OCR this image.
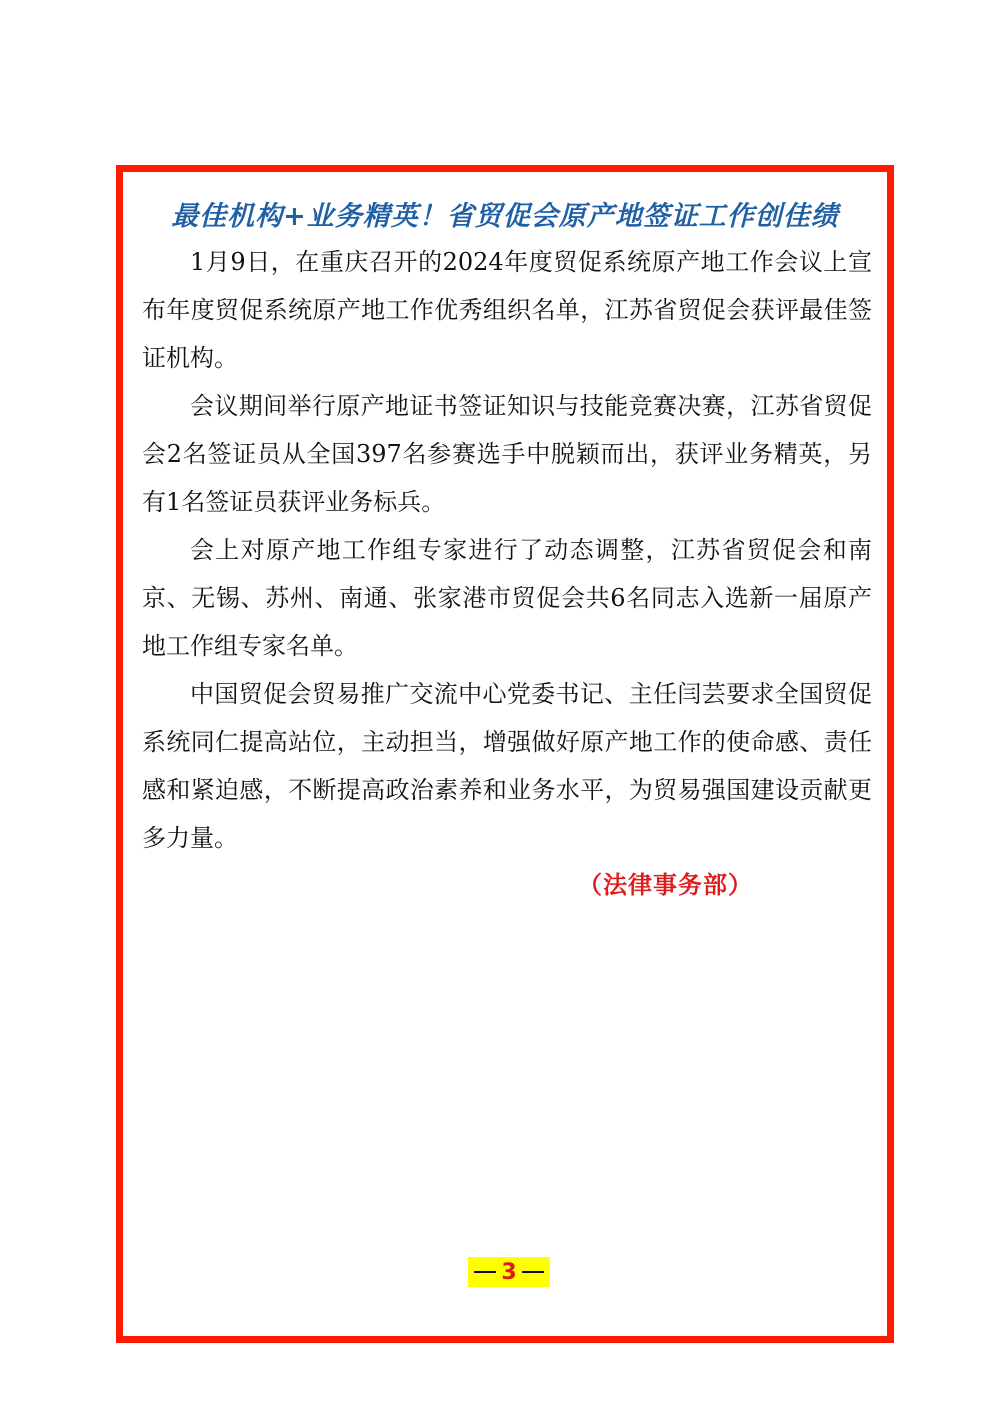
最佳机构+业务精英！省贸促会原产地签证工作创佳绩

1月9日，在重庆召开的2024年度贸促系统原产地工作会议上宣布年度贸促系统原产地工作优秀组织名单，江苏省贸促会获评最佳签证机构。

会议期间举行原产地证书签证知识与技能竞赛决赛，江苏省贸促会2名签证员从全国397名参赛选手中脱颖而出，获评业务精英，另有1名签证员获评业务标兵。

会上对原产地工作组专家进行了动态调整，江苏省贸促会和南京、无锡、苏州、南通、张家港市贸促会共6名同志入选新一届原产地工作组专家名单。

中国贸促会贸易推广交流中心党委书记、主任闫芸要求全国贸促系统同仁提高站位，主动担当，增强做好原产地工作的使命感、责任感和紧迫感，不断提高政治素养和业务水平，为贸易强国建设贡献更多力量。

（法律事务部）
3
